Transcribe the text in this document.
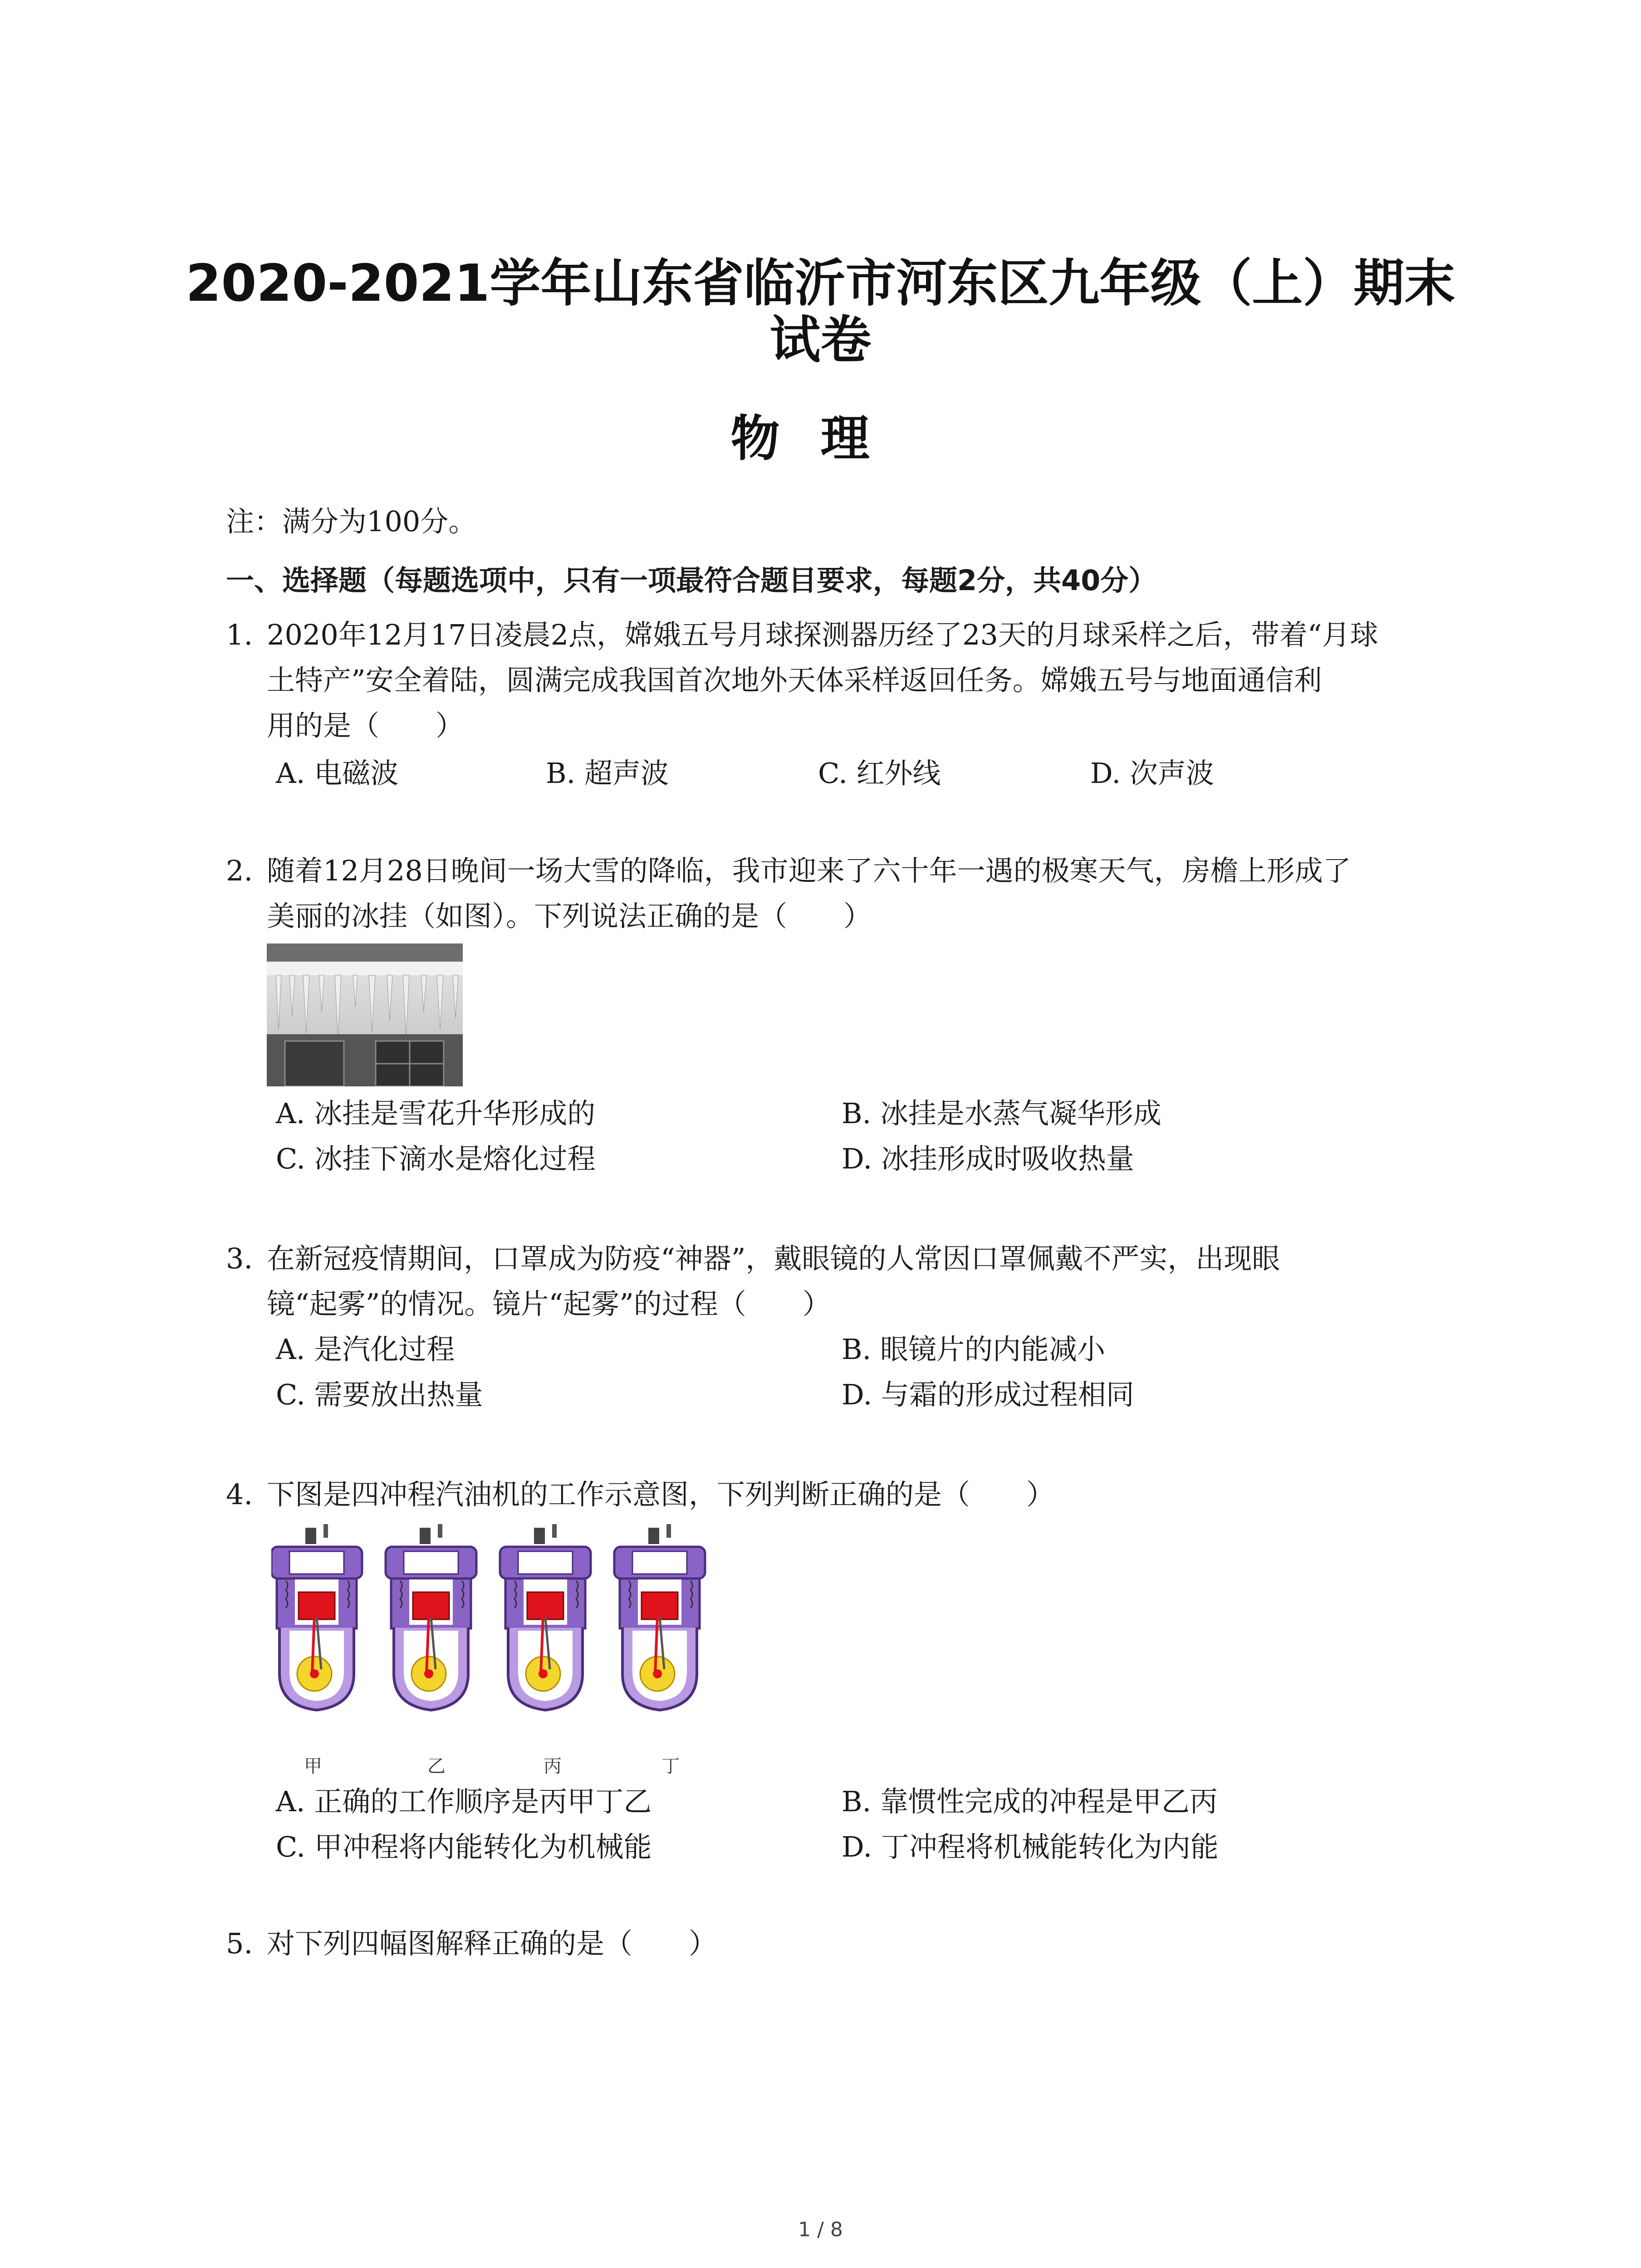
2020-2021学年山东省临沂市河东区九年级（上）期末
试卷
物理
注：满分为100分。
一、选择题（每题选项中，只有一项最符合题目要求，每题2分，共40分）
1. 2020年12月17日凌晨2点，嫦娥五号月球探测器历经了23天的月球采样之后，带着“月球
土特产”安全着陆，圆满完成我国首次地外天体采样返回任务。嫦娥五号与地面通信利
用的是（　　）
A. 电磁波	B. 超声波	C. 红外线	D. 次声波
2. 随着12月28日晚间一场大雪的降临，我市迎来了六十年一遇的极寒天气，房檐上形成了
美丽的冰挂（如图）。下列说法正确的是（　　）
A. 冰挂是雪花升华形成的	B. 冰挂是水蒸气凝华形成
C. 冰挂下滴水是熔化过程	D. 冰挂形成时吸收热量
3. 在新冠疫情期间，口罩成为防疫“神器”，戴眼镜的人常因口罩佩戴不严实，出现眼
镜“起雾”的情况。镜片“起雾”的过程（　　）
A. 是汽化过程	B. 眼镜片的内能减小
C. 需要放出热量	D. 与霜的形成过程相同
4. 下图是四冲程汽油机的工作示意图，下列判断正确的是（　　）
甲	乙	丙	丁
A. 正确的工作顺序是丙甲丁乙	B. 靠惯性完成的冲程是甲乙丙
C. 甲冲程将内能转化为机械能	D. 丁冲程将机械能转化为内能
5. 对下列四幅图解释正确的是（　　）
1 / 8
